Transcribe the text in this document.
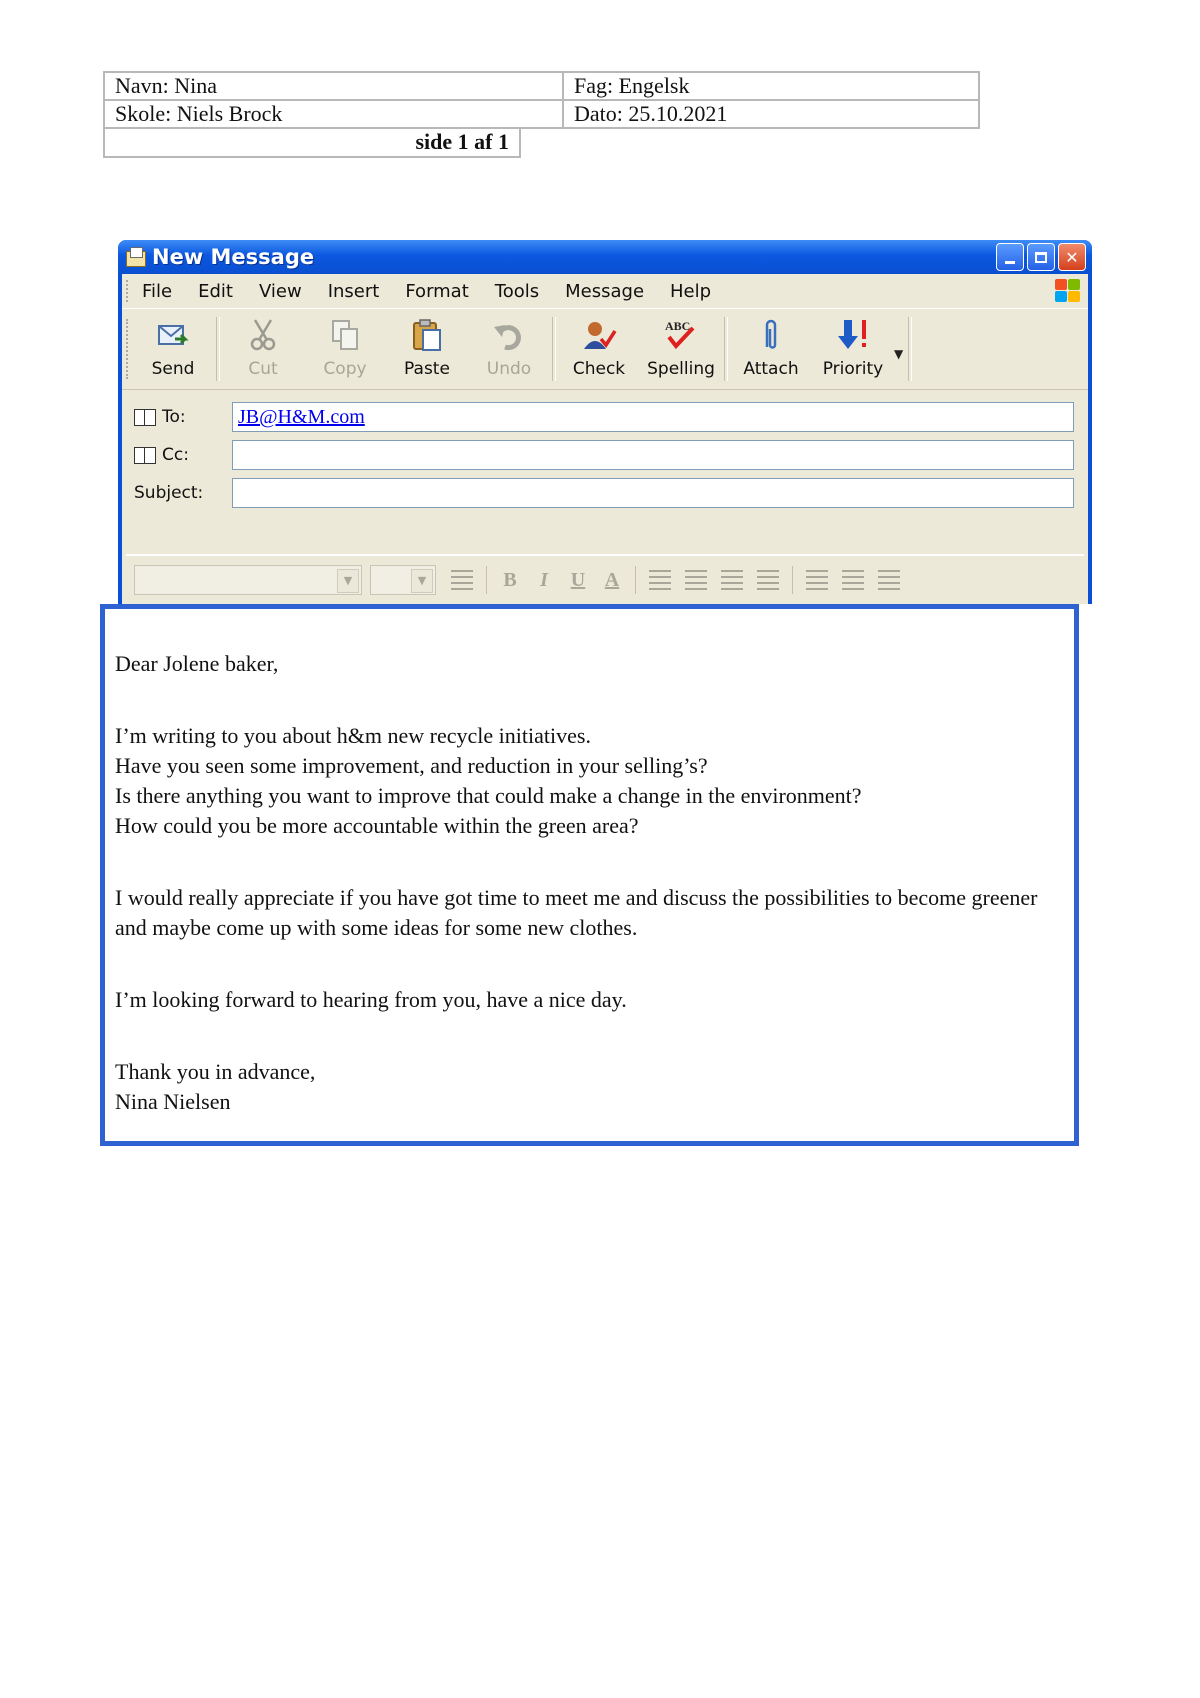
Navn: Nina	Fag: Engelsk
Skole: Niels Brock	Dato: 25.10.2021
side 1 af 1
New Message	✕
File Edit View Insert Format Tools Message Help
Send	Cut	Copy Paste Undo Check
ABC
Spelling Attach Priority
▼
To:	JB@H&M.com
Cc:
Subject:
▼	▼	B	I	U A

Dear Jolene baker,

I’m writing to you about h&m new recycle initiatives.

Have you seen some improvement, and reduction in your selling’s?

Is there anything you want to improve that could make a change in the environment?

How could you be more accountable within the green area?

I would really appreciate if you have got time to meet me and discuss the possibilities to become greener and maybe come up with some ideas for some new clothes.

I’m looking forward to hearing from you, have a nice day.

Thank you in advance,

Nina Nielsen
